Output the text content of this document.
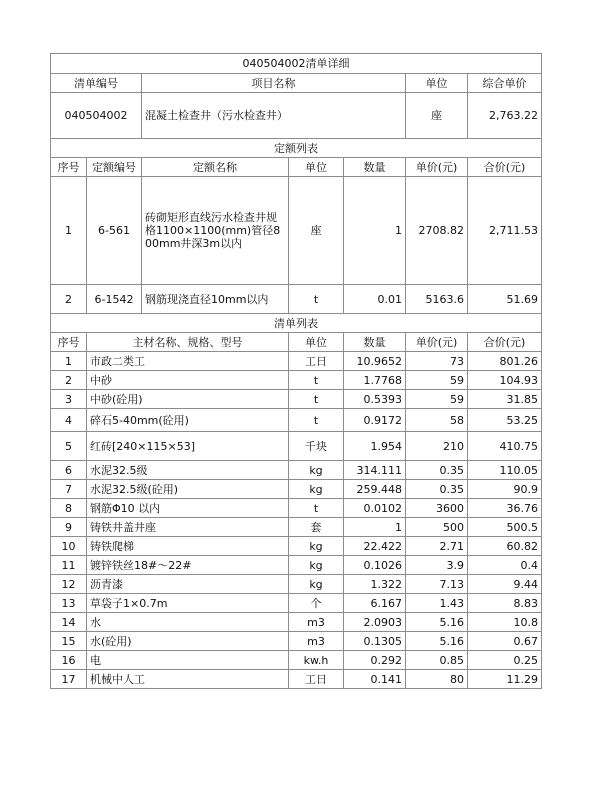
040504002清单详细						
清单编号		项目名称			单位	综合单价
040504002		混凝土检查井（污水检查井）			座	2,763.22
定额列表						
序号	定额编号	定额名称	单位	数量	单价(元)	合价(元)
1	6-561	砖砌矩形直线污水检查井规格1100×1100(mm)管径800mm井深3m以内	座	1	2708.82	2,711.53
2	6-1542	钢筋现浇直径10mm以内	t	0.01	5163.6	51.69
清单列表						
序号	主材名称、规格、型号		单位	数量	单价(元)	合价(元)
1	市政二类工		工日	10.9652	73	801.26
2	中砂		t	1.7768	59	104.93
3	中砂(砼用)		t	0.5393	59	31.85
4	碎石5-40mm(砼用)		t	0.9172	58	53.25
5	红砖[240×115×53]		千块	1.954	210	410.75
6	水泥32.5级		kg	314.111	0.35	110.05
7	水泥32.5级(砼用)		kg	259.448	0.35	90.9
8	钢筋Φ10 以内		t	0.0102	3600	36.76
9	铸铁井盖井座		套	1	500	500.5
10	铸铁爬梯		kg	22.422	2.71	60.82
11	镀锌铁丝18#～22#		kg	0.1026	3.9	0.4
12	沥青漆		kg	1.322	7.13	9.44
13	草袋子1×0.7m		个	6.167	1.43	8.83
14	水		m3	2.0903	5.16	10.8
15	水(砼用)		m3	0.1305	5.16	0.67
16	电		kw.h	0.292	0.85	0.25
17	机械中人工		工日	0.141	80	11.29
